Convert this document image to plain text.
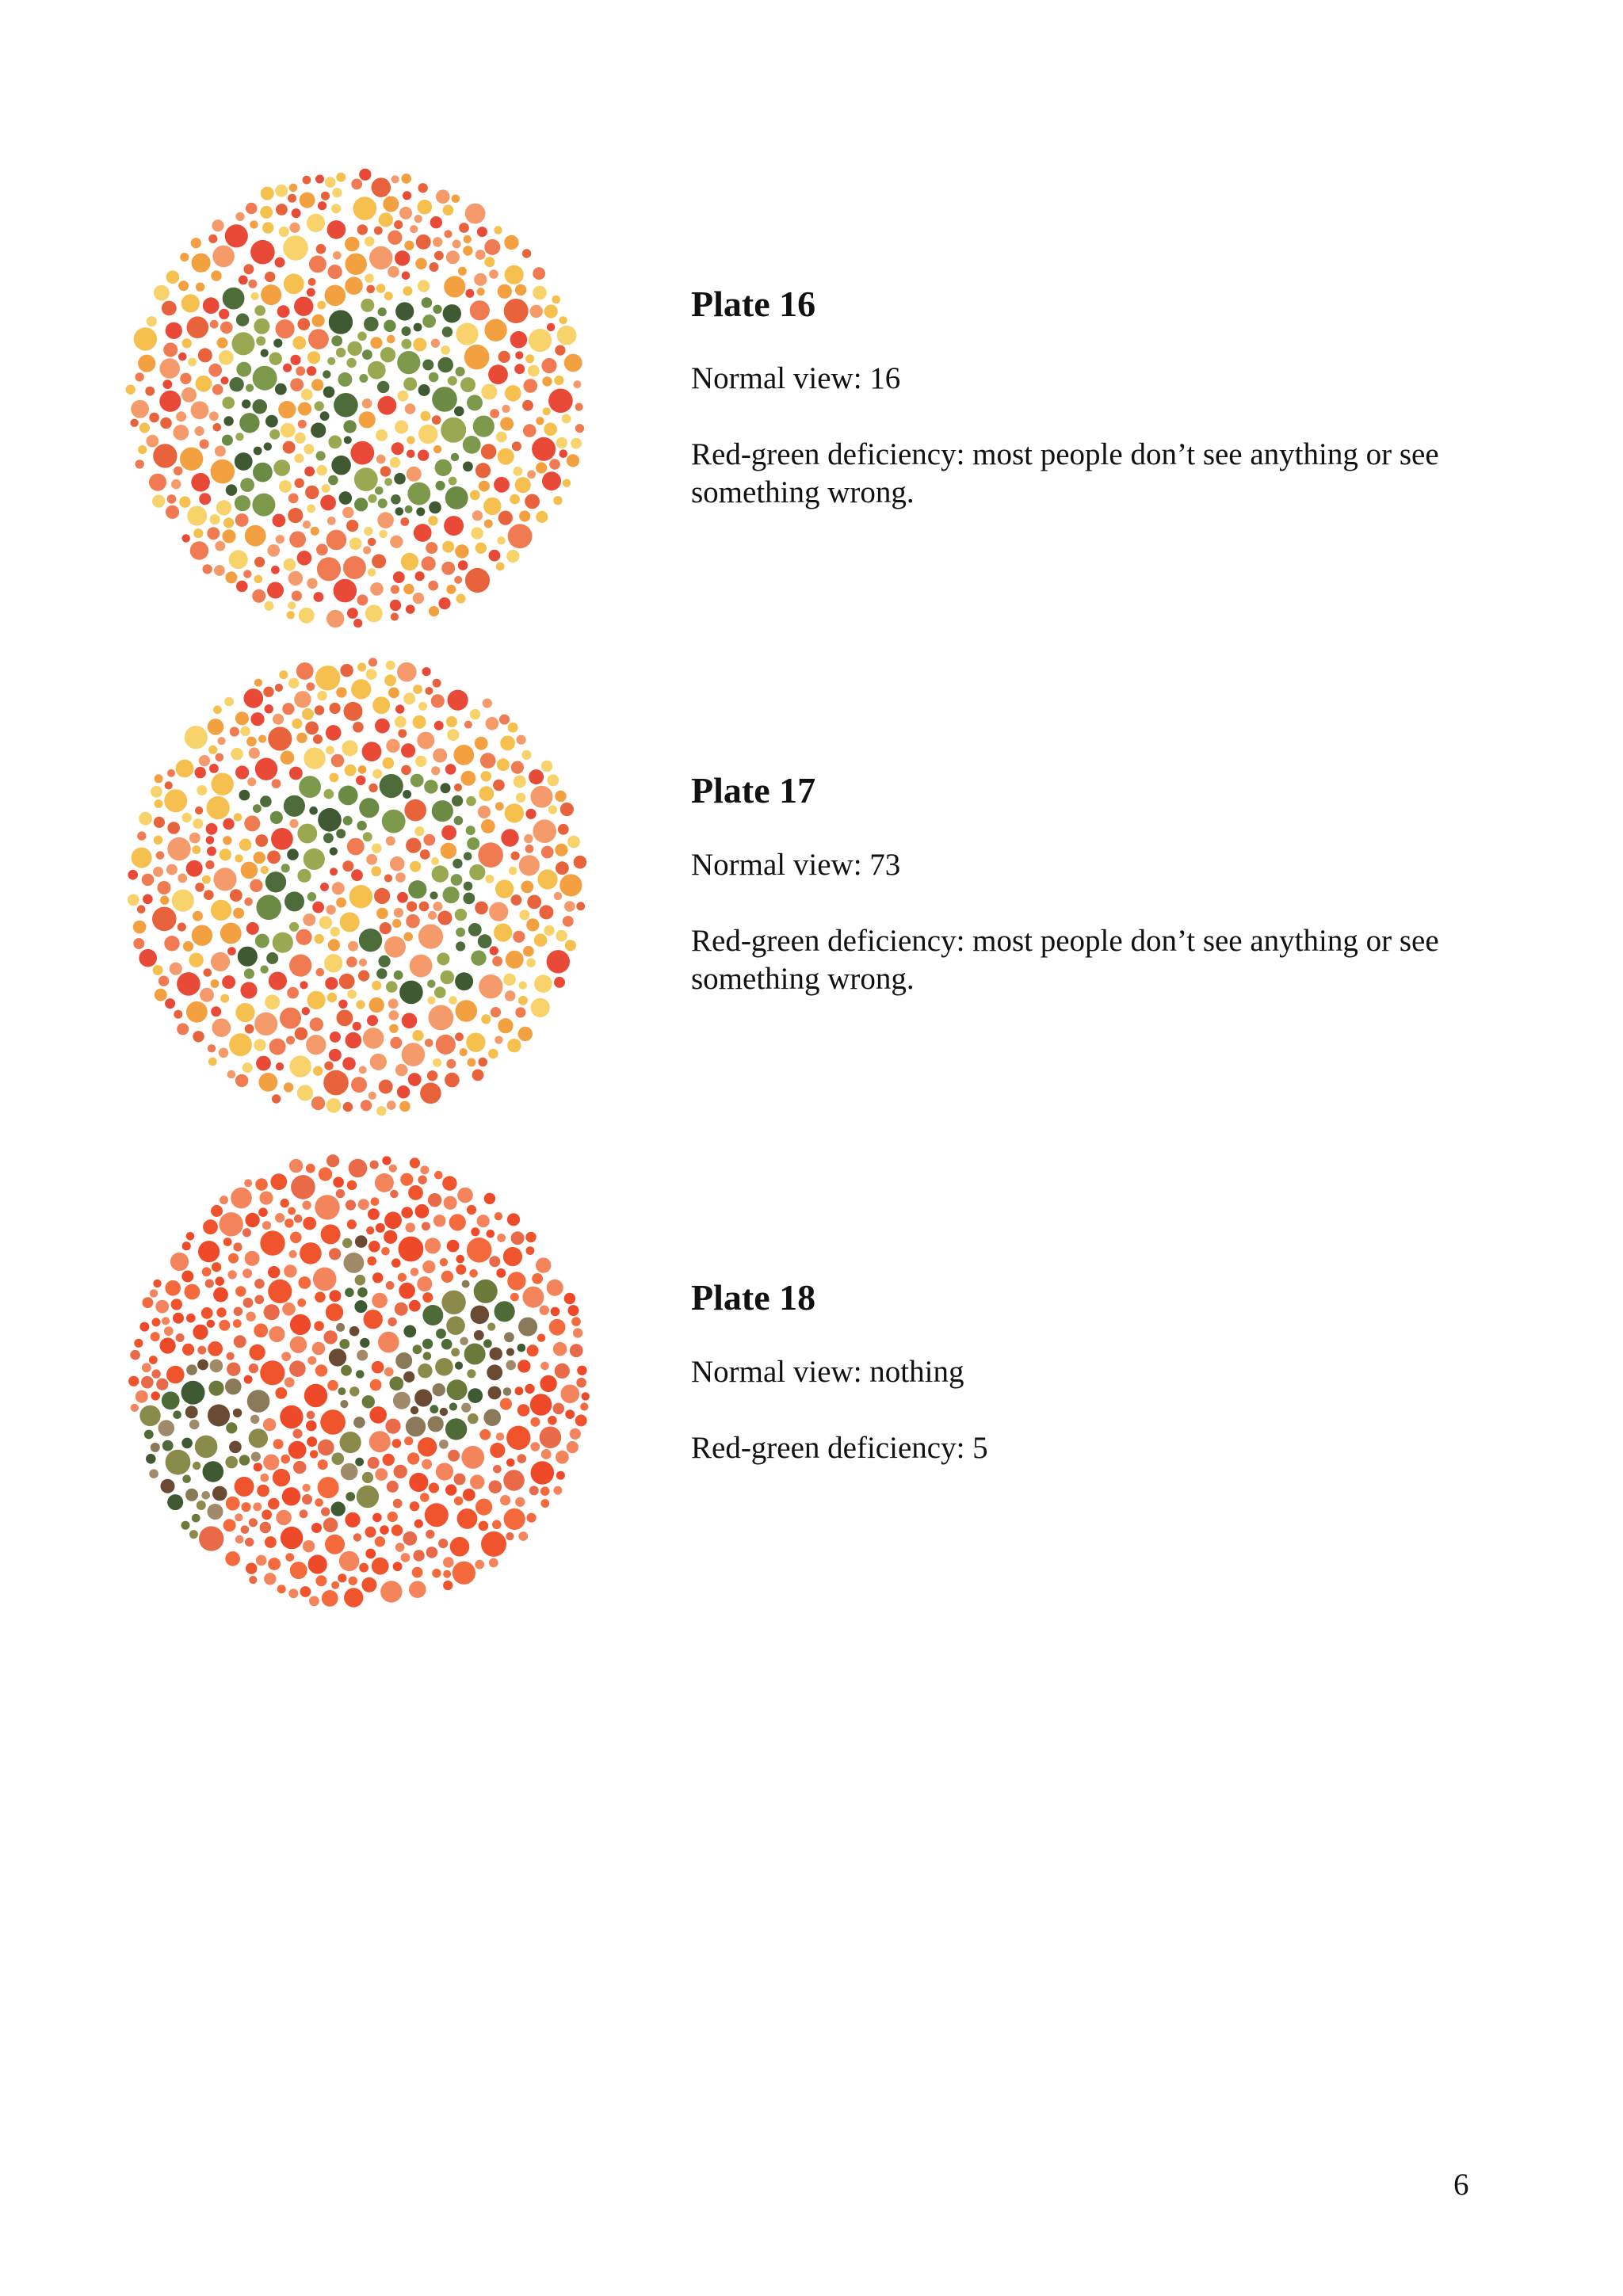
Plate 16

Normal view: 16

Red-green deficiency: most people don’t see anything or see something wrong.

Plate 17

Normal view: 73

Red-green deficiency: most people don’t see anything or see something wrong.

Plate 18

Normal view: nothing

Red-green deficiency: 5

6
